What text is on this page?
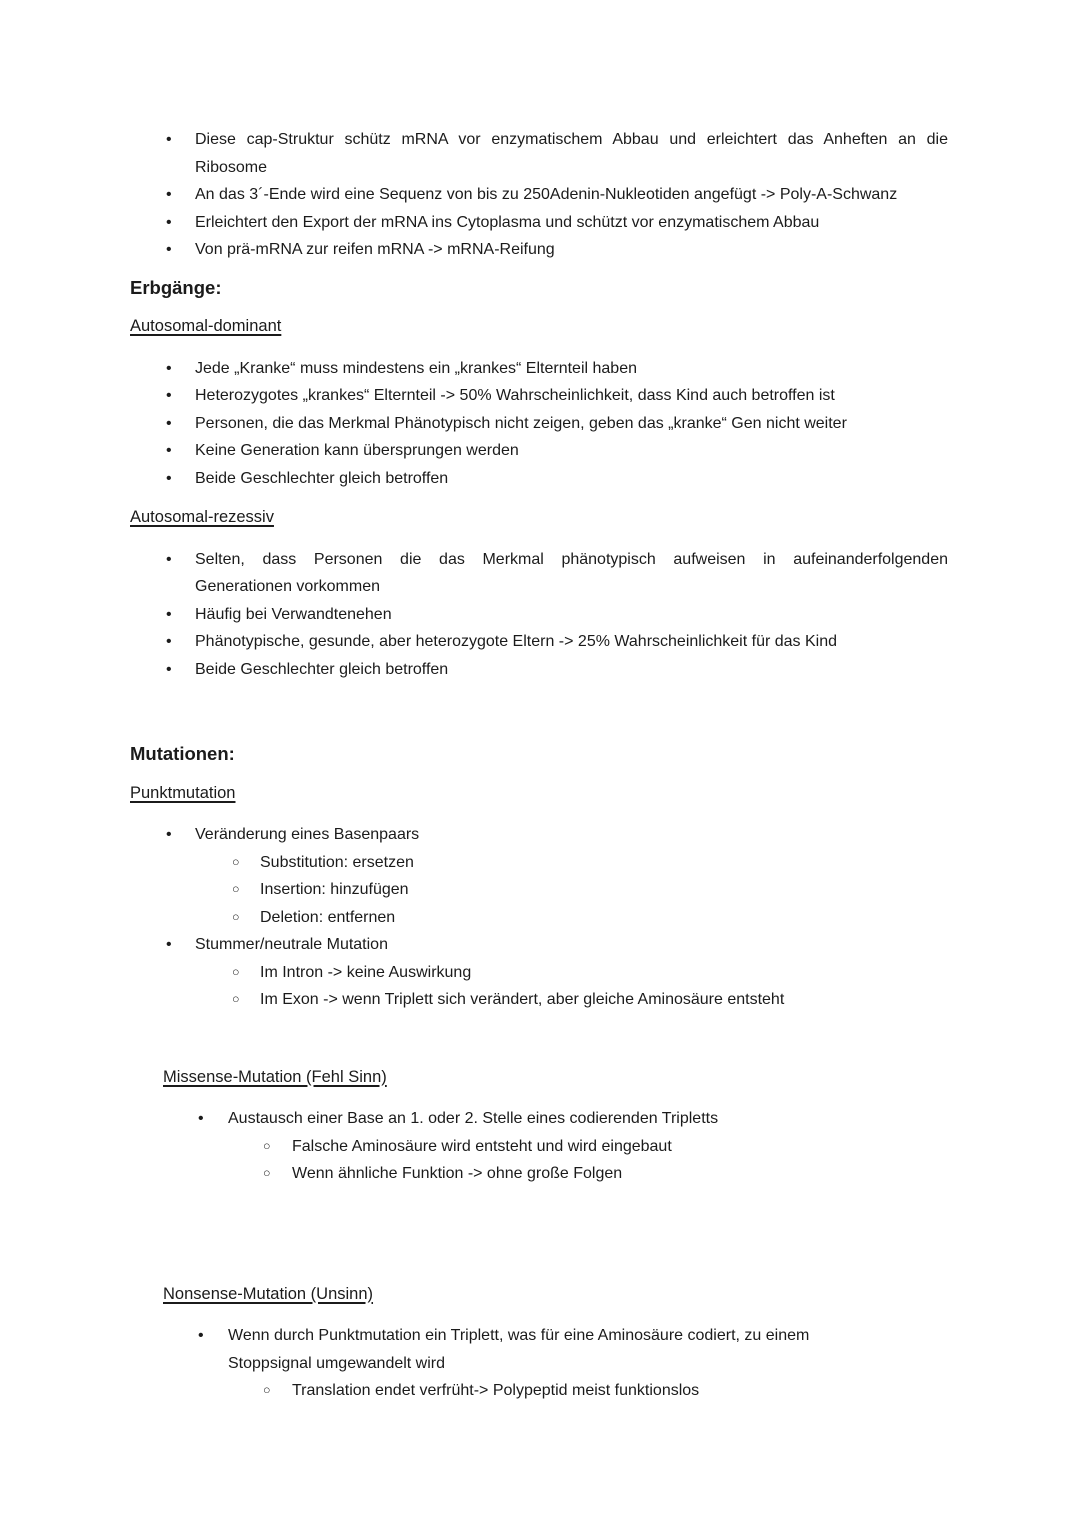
•	Diese cap-Struktur schütz mRNA vor enzymatischem Abbau und erleichtert das Anheften an die
Ribosome
•	An das 3´-Ende wird eine Sequenz von bis zu 250Adenin-Nukleotiden angefügt -> Poly-A-Schwanz
•	Erleichtert den Export der mRNA ins Cytoplasma und schützt vor enzymatischem Abbau
•	Von prä-mRNA zur reifen mRNA -> mRNA-Reifung
Erbgänge:
Autosomal-dominant
•	Jede „Kranke“ muss mindestens ein „krankes“ Elternteil haben
•	Heterozygotes „krankes“ Elternteil -> 50% Wahrscheinlichkeit, dass Kind auch betroffen ist
•	Personen, die das Merkmal Phänotypisch nicht zeigen, geben das „kranke“ Gen nicht weiter
•	Keine Generation kann übersprungen werden
•	Beide Geschlechter gleich betroffen
Autosomal-rezessiv
•	Selten, dass Personen die das Merkmal phänotypisch aufweisen in aufeinanderfolgenden
Generationen vorkommen
•	Häufig bei Verwandtenehen
•	Phänotypische, gesunde, aber heterozygote Eltern -> 25% Wahrscheinlichkeit für das Kind
•	Beide Geschlechter gleich betroffen
Mutationen:
Punktmutation
•	Veränderung eines Basenpaars
○	Substitution: ersetzen
○	Insertion: hinzufügen
○	Deletion: entfernen
•	Stummer/neutrale Mutation
○	Im Intron -> keine Auswirkung
○	Im Exon -> wenn Triplett sich verändert, aber gleiche Aminosäure entsteht
Missense-Mutation (Fehl Sinn)
•	Austausch einer Base an 1. oder 2. Stelle eines codierenden Tripletts
○	Falsche Aminosäure wird entsteht und wird eingebaut
○	Wenn ähnliche Funktion -> ohne große Folgen
Nonsense-Mutation (Unsinn)
•	Wenn durch Punktmutation ein Triplett, was für eine Aminosäure codiert, zu einem
Stoppsignal umgewandelt wird
○	Translation endet verfrüht-> Polypeptid meist funktionslos
